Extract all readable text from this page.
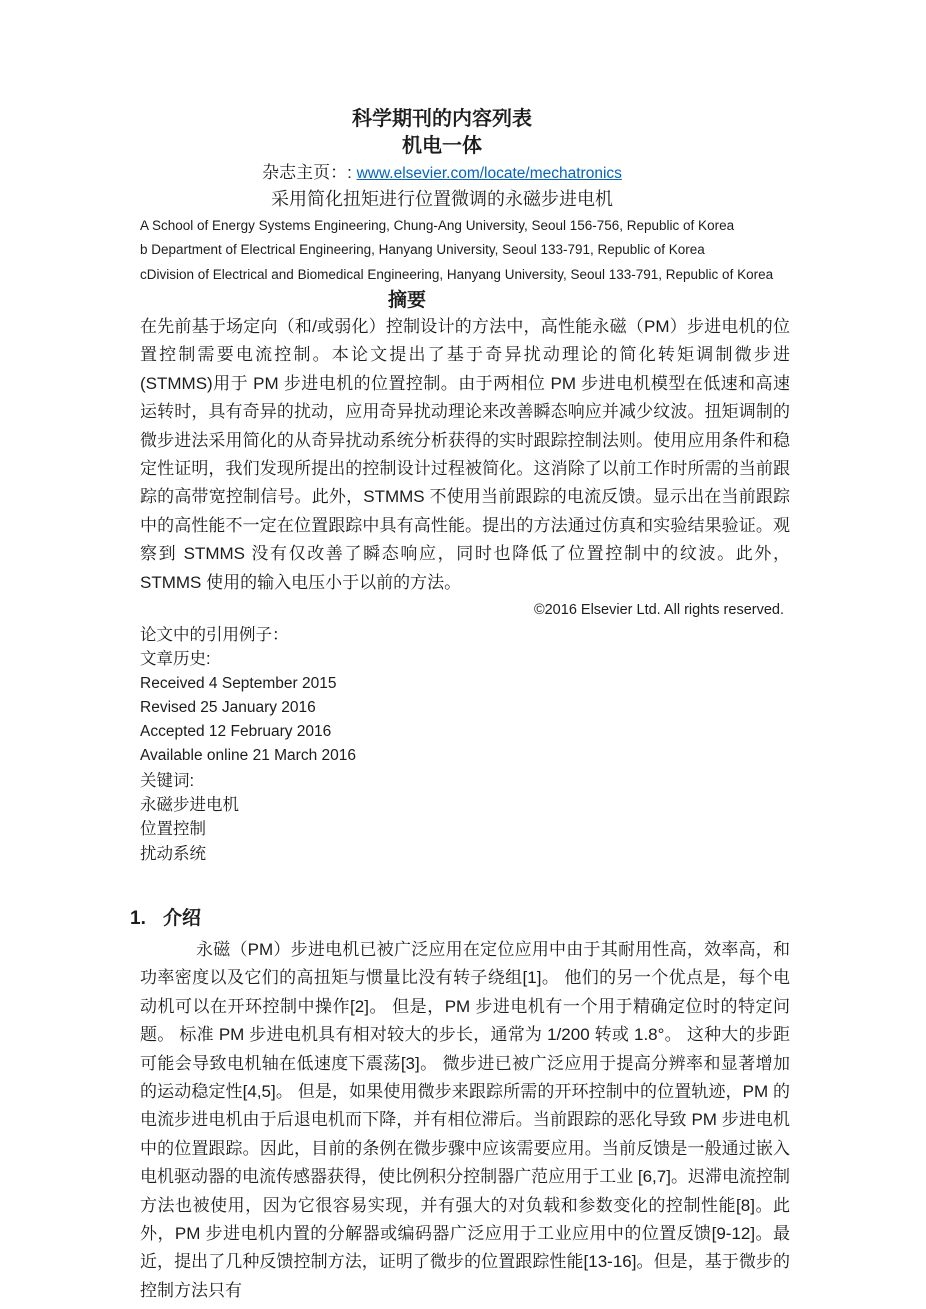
科学期刊的内容列表
机电一体
杂志主页：: www.elsevier.com/locate/mechatronics
采用简化扭矩进行位置微调的永磁步进电机

A School of Energy Systems Engineering, Chung-Ang University, Seoul 156-756, Republic of Korea

b Department of Electrical Engineering, Hanyang University, Seoul 133-791, Republic of Korea

cDivision of Electrical and Biomedical Engineering, Hanyang University, Seoul 133-791, Republic of Korea

摘要

在先前基于场定向（和/或弱化）控制设计的方法中，高性能永磁（PM）步进电机的位置控制需要电流控制。本论文提出了基于奇异扰动理论的简化转矩调制微步进(STMMS)用于 PM 步进电机的位置控制。由于两相位 PM 步进电机模型在低速和高速运转时，具有奇异的扰动，应用奇异扰动理论来改善瞬态响应并减少纹波。扭矩调制的微步进法采用简化的从奇异扰动系统分析获得的实时跟踪控制法则。使用应用条件和稳定性证明，我们发现所提出的控制设计过程被简化。这消除了以前工作时所需的当前跟踪的高带宽控制信号。此外，STMMS 不使用当前跟踪的电流反馈。显示出在当前跟踪中的高性能不一定在位置跟踪中具有高性能。提出的方法通过仿真和实验结果验证。观察到 STMMS 没有仅改善了瞬态响应，同时也降低了位置控制中的纹波。此外，STMMS 使用的输入电压小于以前的方法。

©2016 Elsevier Ltd. All rights reserved.

论文中的引用例子：

文章历史:

Received 4 September 2015

Revised 25 January 2016

Accepted 12 February 2016

Available online 21 March 2016

关键词:

永磁步进电机

位置控制

扰动系统

1. 介绍

永磁（PM）步进电机已被广泛应用在定位应用中由于其耐用性高，效率高，和功率密度以及它们的高扭矩与惯量比没有转子绕组[1]。 他们的另一个优点是，每个电动机可以在开环控制中操作[2]。 但是，PM 步进电机有一个用于精确定位时的特定问题。 标准 PM 步进电机具有相对较大的步长，通常为 1/200 转或 1.8°。 这种大的步距可能会导致电机轴在低速度下震荡[3]。 微步进已被广泛应用于提高分辨率和显著增加的运动稳定性[4,5]。 但是，如果使用微步来跟踪所需的开环控制中的位置轨迹，PM 的电流步进电机由于后退电机而下降，并有相位滞后。当前跟踪的恶化导致 PM 步进电机中的位置跟踪。因此，目前的条例在微步骤中应该需要应用。当前反馈是一般通过嵌入电机驱动器的电流传感器获得，使比例积分控制器广范应用于工业 [6,7]。迟滞电流控制方法也被使用，因为它很容易实现，并有强大的对负载和参数变化的控制性能[8]。此外，PM 步进电机内置的分解器或编码器广泛应用于工业应用中的位置反馈[9-12]。最近，提出了几种反馈控制方法，证明了微步的位置跟踪性能[13-16]。但是，基于微步的控制方法只有
